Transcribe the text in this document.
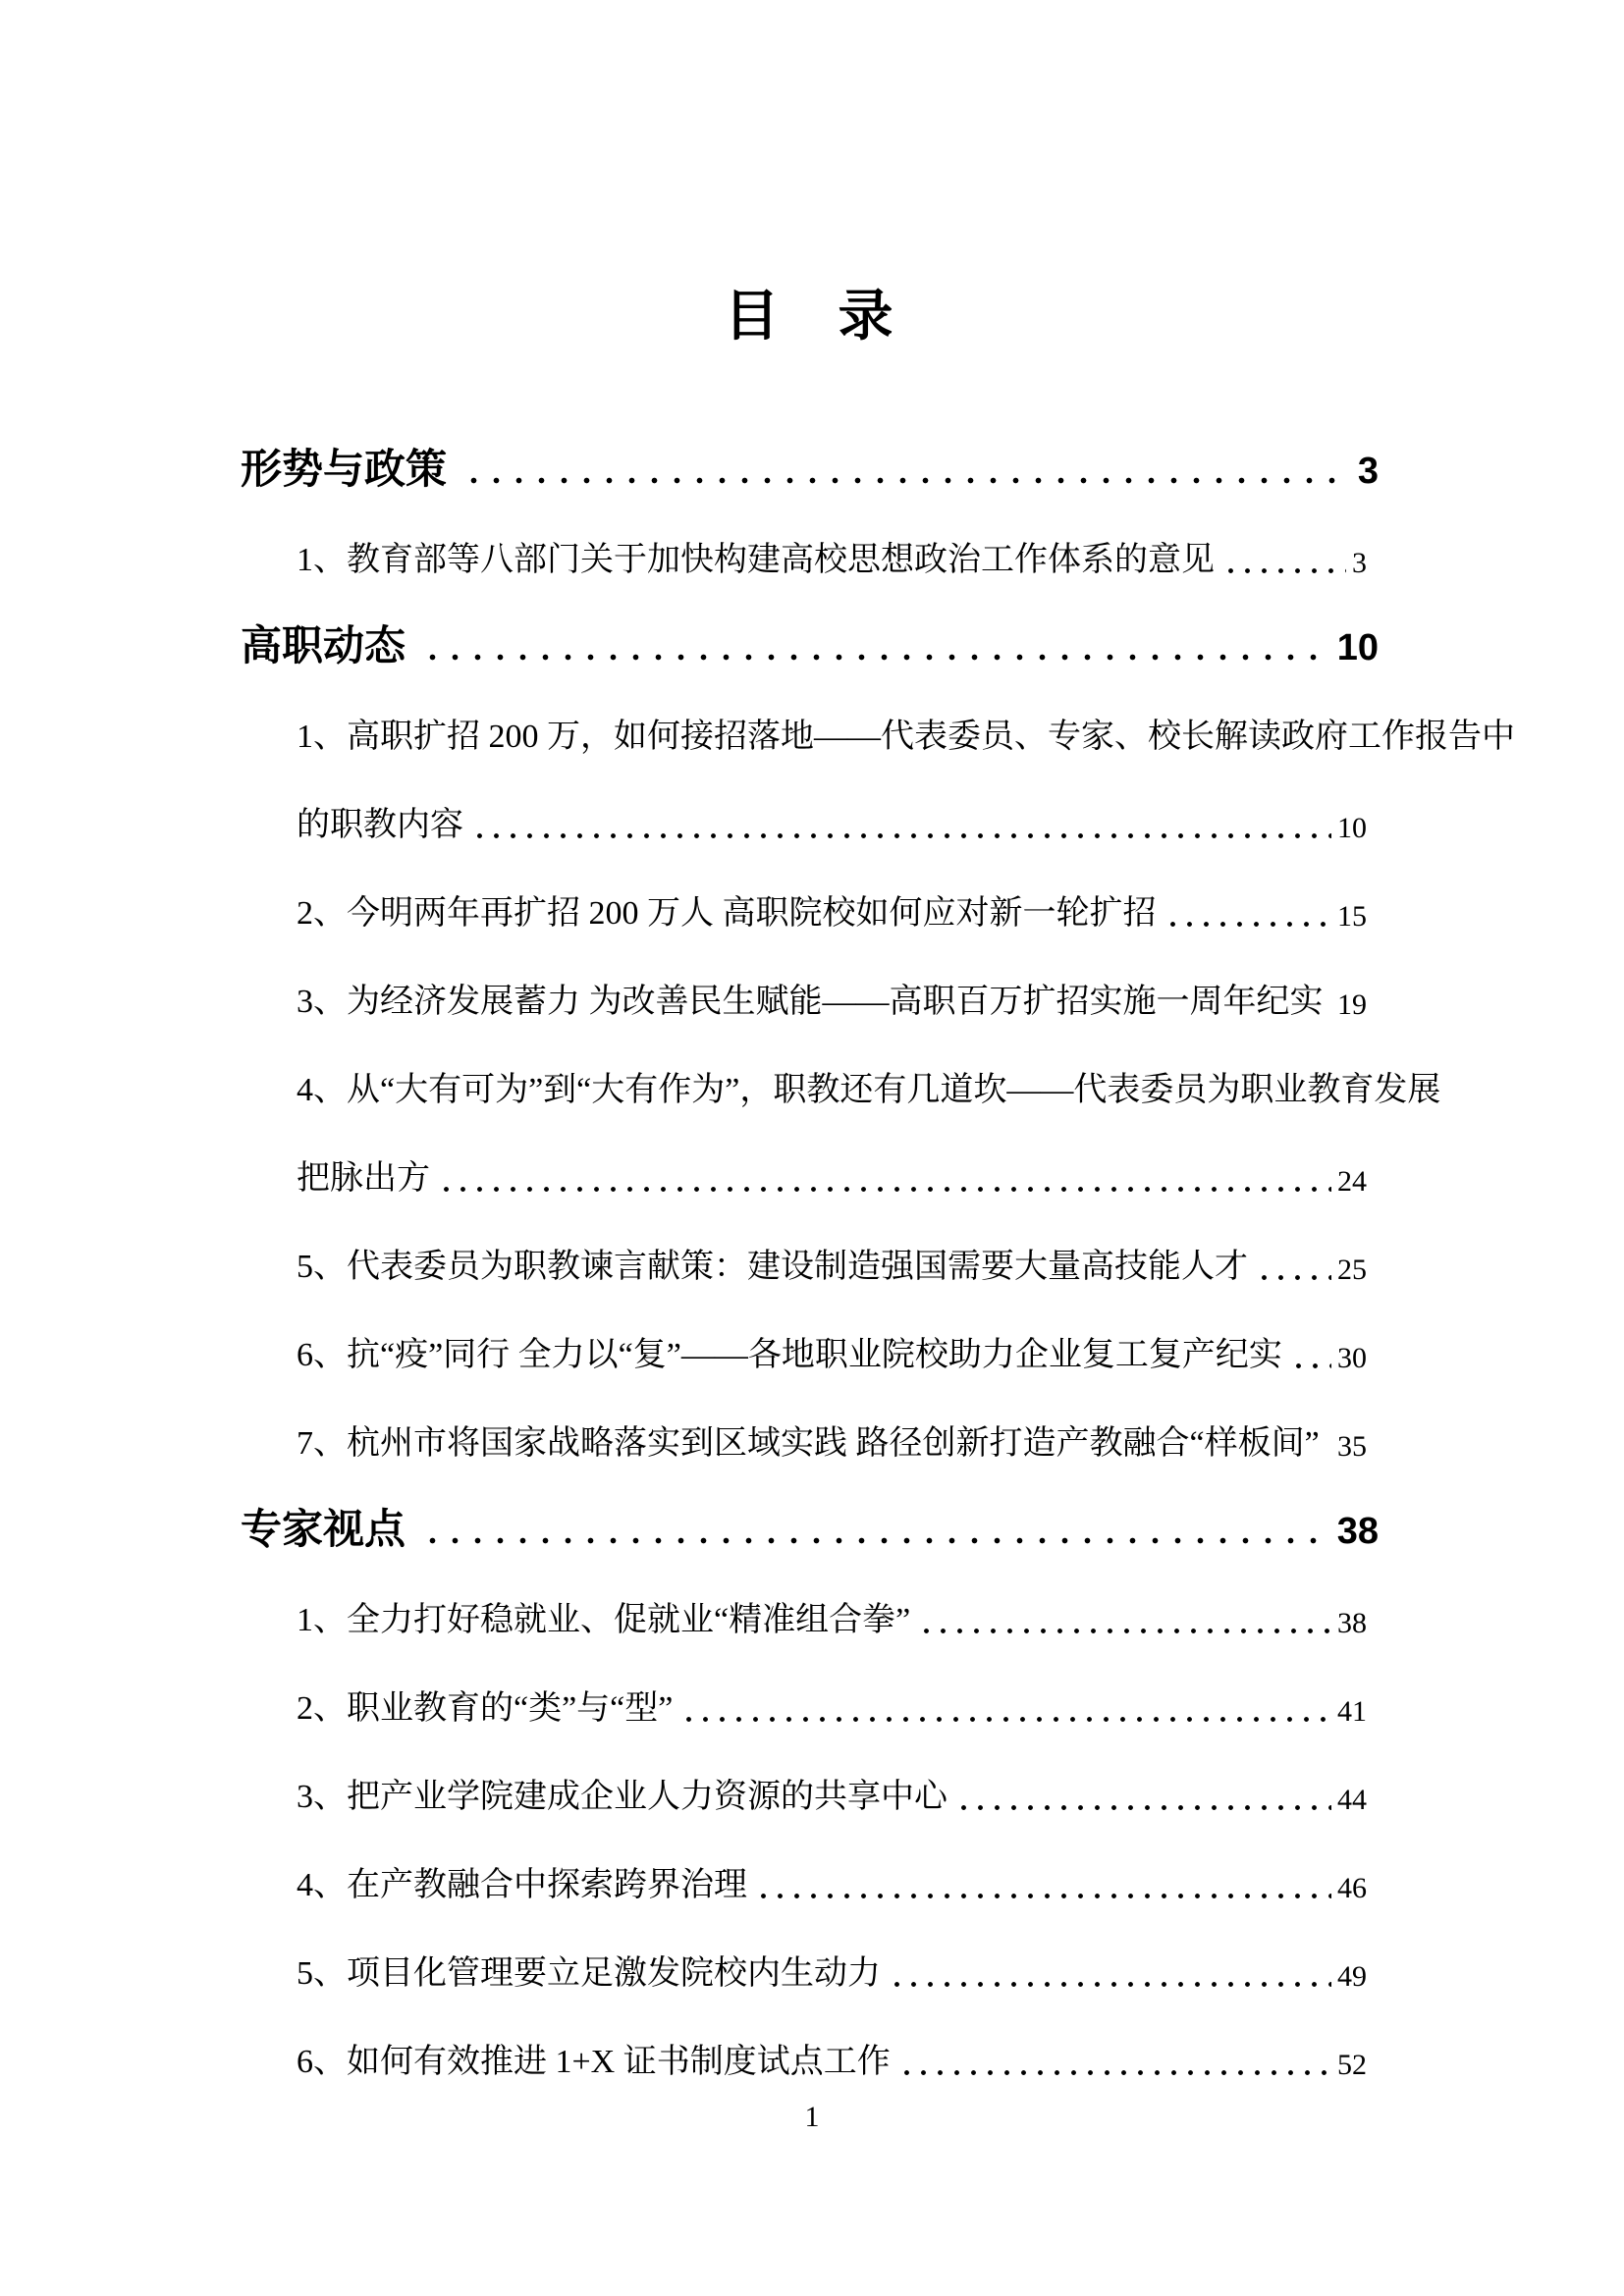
目　录
形势与政策	3
1、教育部等八部门关于加快构建高校思想政治工作体系的意见	3
高职动态	10
1、高职扩招 200 万，如何接招落地——代表委员、专家、校长解读政府工作报告中
的职教内容	10
2、今明两年再扩招 200 万人 高职院校如何应对新一轮扩招	15
3、为经济发展蓄力 为改善民生赋能——高职百万扩招实施一周年纪实 19
4、从“大有可为”到“大有作为”，职教还有几道坎——代表委员为职业教育发展
把脉出方	24
5、代表委员为职教谏言献策：建设制造强国需要大量高技能人才	25
6、抗“疫”同行 全力以“复”——各地职业院校助力企业复工复产纪实 30
7、杭州市将国家战略落实到区域实践 路径创新打造产教融合“样板间” 35
专家视点	38
1、全力打好稳就业、促就业“精准组合拳”	38
2、职业教育的“类”与“型”	41
3、把产业学院建成企业人力资源的共享中心	44
4、在产教融合中探索跨界治理	46
5、项目化管理要立足激发院校内生动力	49
6、如何有效推进 1+X 证书制度试点工作	52
1
